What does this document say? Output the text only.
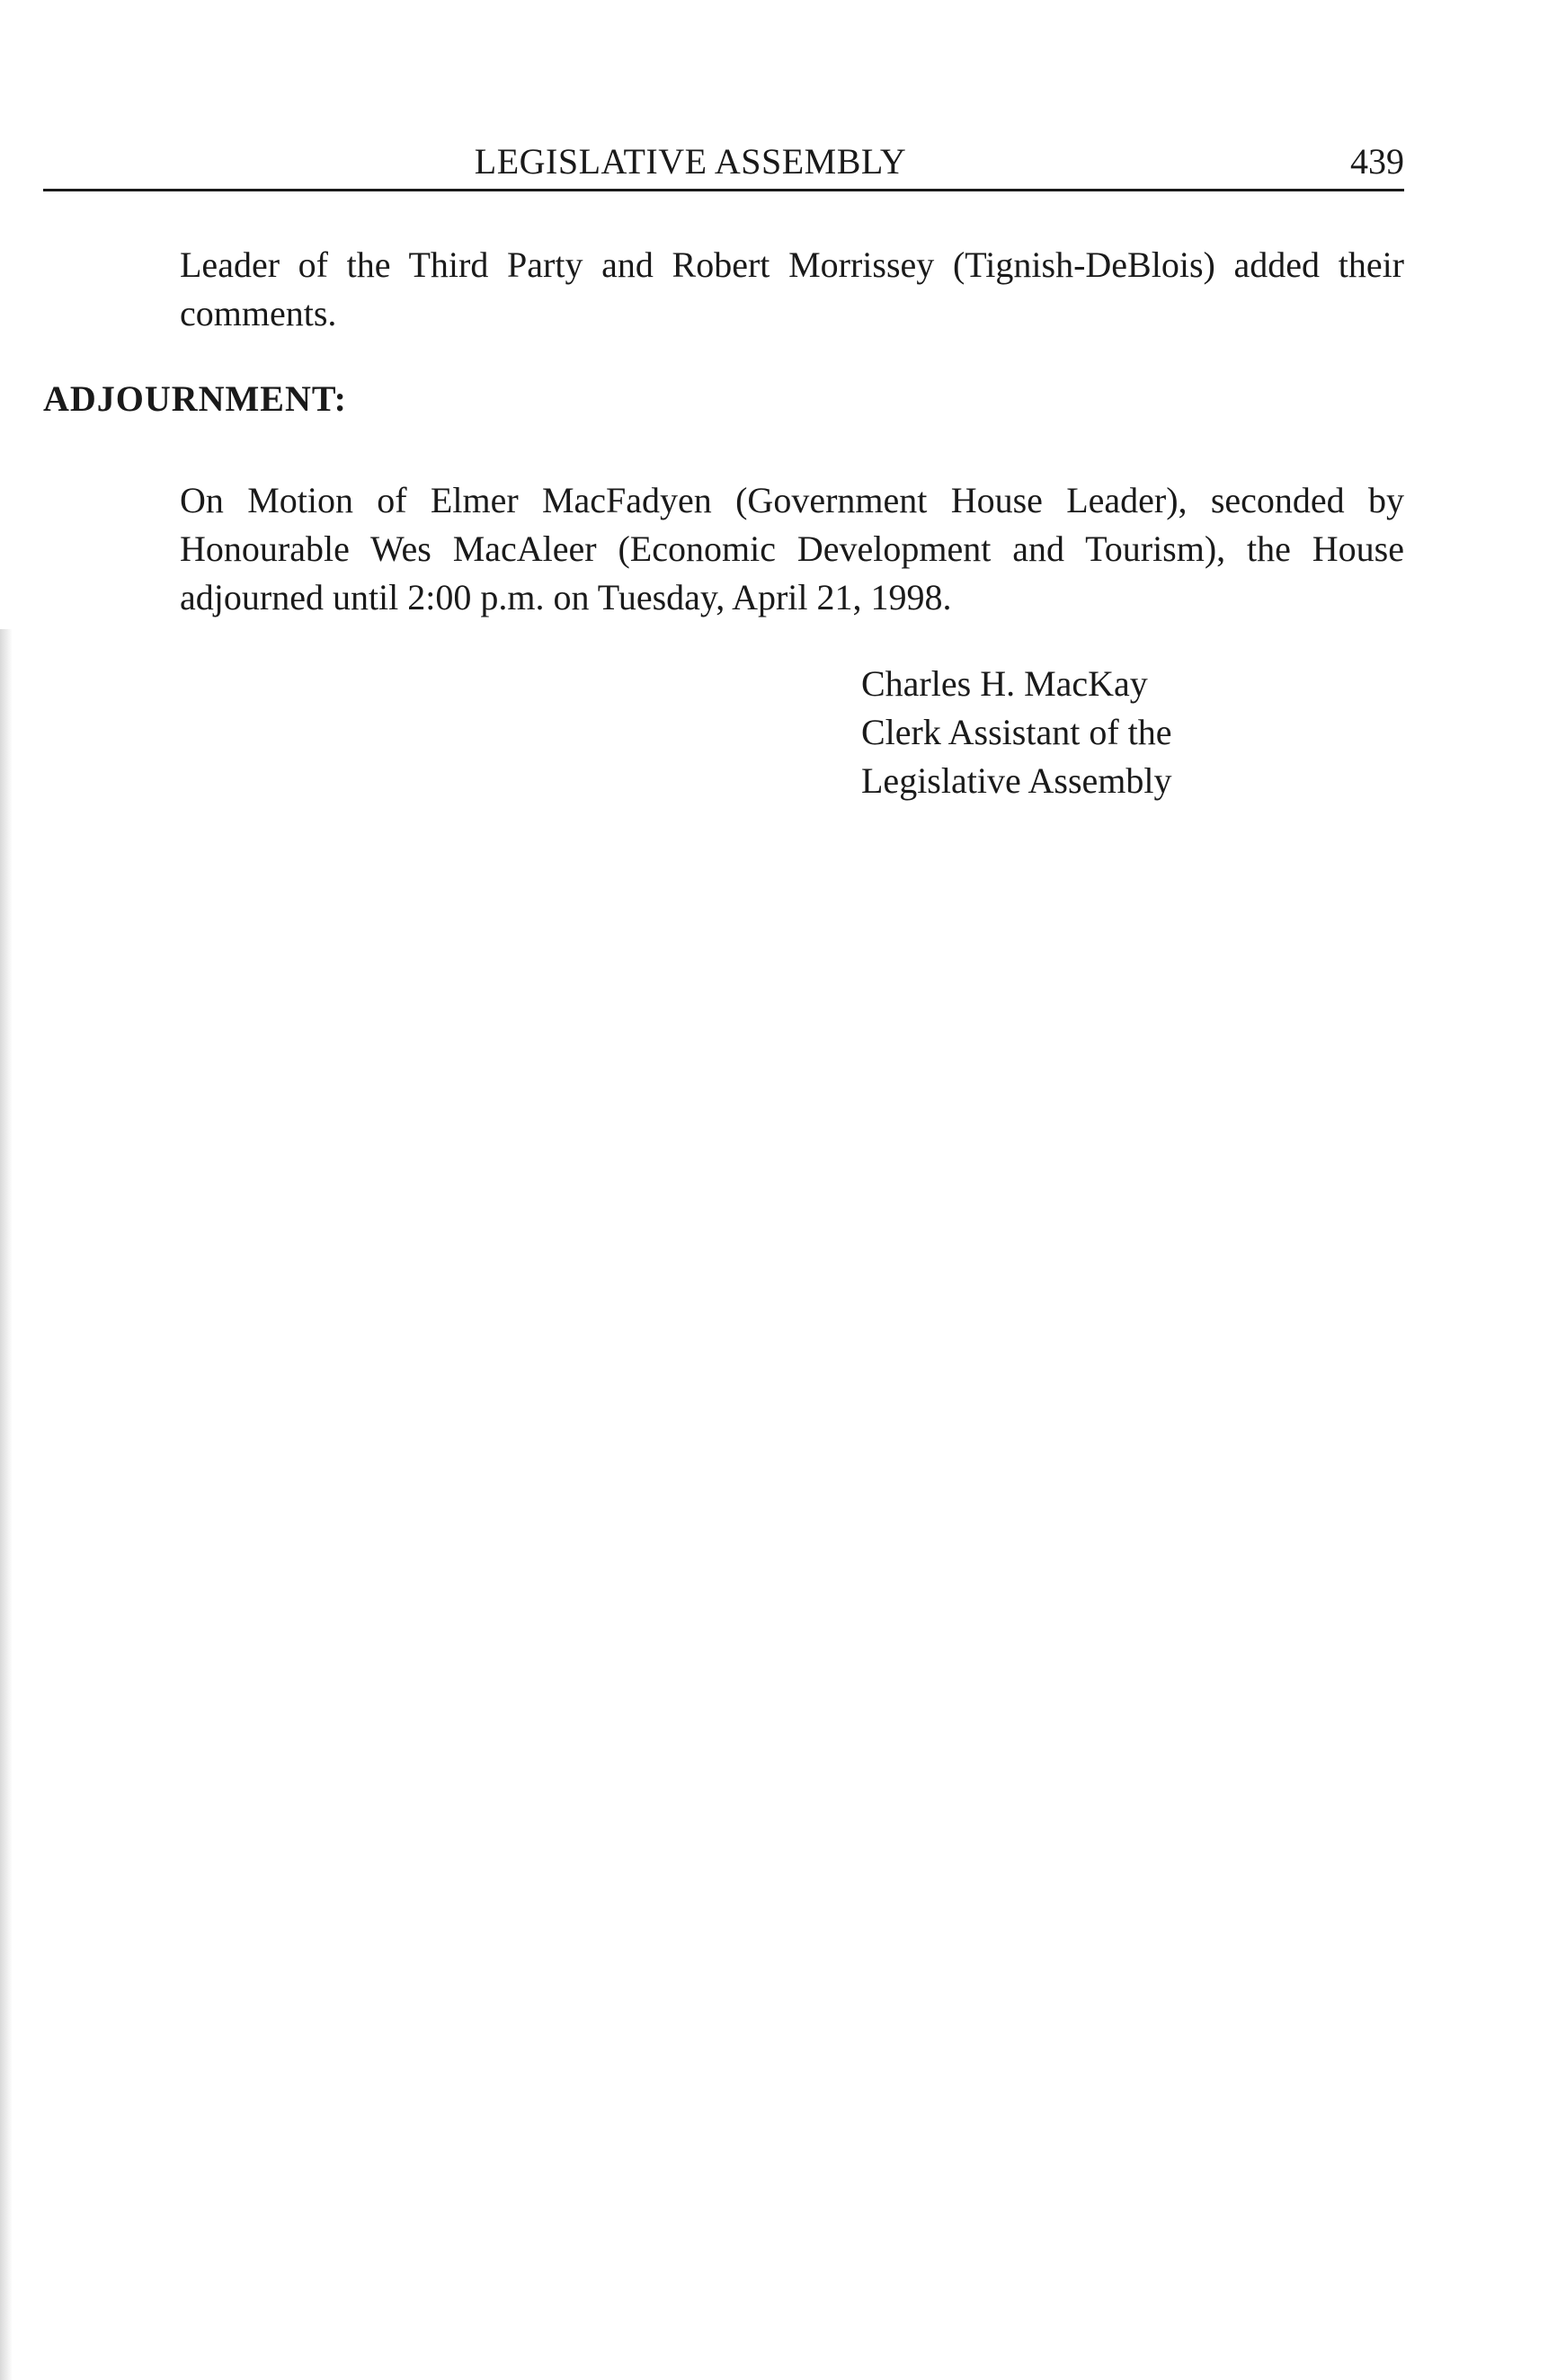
LEGISLATIVE ASSEMBLY	439
Leader of the Third Party and Robert Morrissey (Tignish-DeBlois) added their comments.
ADJOURNMENT:
On Motion of Elmer MacFadyen (Government House Leader), seconded by Honourable Wes MacAleer (Economic Development and Tourism), the House adjourned until 2:00 p.m. on Tuesday, April 21, 1998.
Charles H. MacKay
Clerk Assistant of the
Legislative Assembly
